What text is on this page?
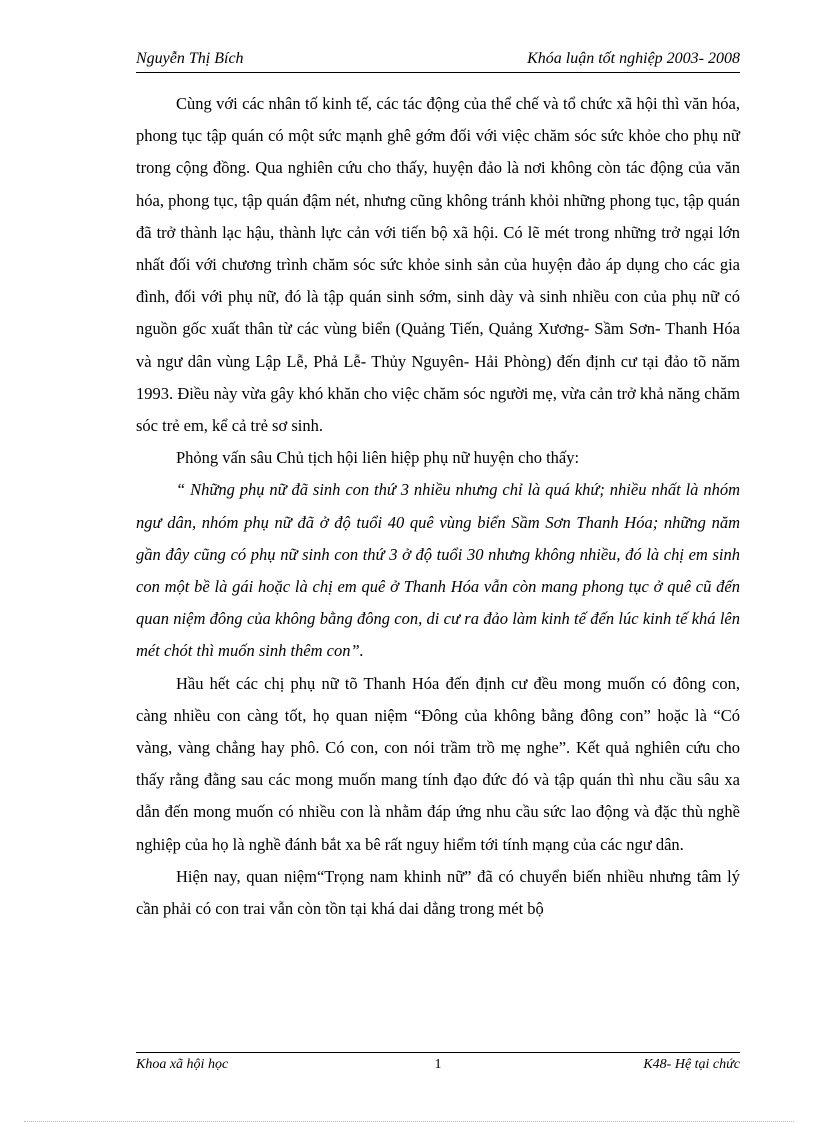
Nguyễn Thị Bích	Khóa luận tốt nghiệp 2003- 2008

Cùng với các nhân tố kinh tế, các tác động của thể chế và tổ chức xã hội thì văn hóa, phong tục tập quán có một sức mạnh ghê gớm đối với việc chăm sóc sức khỏe cho phụ nữ trong cộng đồng. Qua nghiên cứu cho thấy, huyện đảo là nơi không còn tác động của văn hóa, phong tục, tập quán đậm nét, nhưng cũng không tránh khỏi những phong tục, tập quán đã trở thành lạc hậu, thành lực cản với tiến bộ xã hội. Có lẽ mét trong những trở ngại lớn nhất đối với chương trình chăm sóc sức khỏe sinh sản của huyện đảo áp dụng cho các gia đình, đối với phụ nữ, đó là tập quán sinh sớm, sinh dày và sinh nhiều con của phụ nữ có nguồn gốc xuất thân từ các vùng biển (Quảng Tiến, Quảng Xương- Sầm Sơn- Thanh Hóa và ngư dân vùng Lập Lễ, Phả Lễ- Thủy Nguyên- Hải Phòng) đến định cư tại đảo tõ năm 1993. Điều này vừa gây khó khăn cho việc chăm sóc người mẹ, vừa cản trở khả năng chăm sóc trẻ em, kể cả trẻ sơ sinh.

Phỏng vấn sâu Chủ tịch hội liên hiệp phụ nữ huyện cho thấy:

“ Những phụ nữ đã sinh con thứ 3 nhiều nhưng chỉ là quá khứ; nhiều nhất là nhóm ngư dân, nhóm phụ nữ đã ở độ tuổi 40 quê vùng biển Sầm Sơn Thanh Hóa; những năm gần đây cũng có phụ nữ sinh con thứ 3 ở độ tuổi 30 nhưng không nhiều, đó là chị em sinh con một bề là gái hoặc là chị em quê ở Thanh Hóa vẫn còn mang phong tục ở quê cũ đến quan niệm đông của không bằng đông con, di cư ra đảo làm kinh tế đến lúc kinh tế khá lên mét chót thì muốn sinh thêm con”.

Hầu hết các chị phụ nữ tõ Thanh Hóa đến định cư đều mong muốn có đông con, càng nhiều con càng tốt, họ quan niệm “Đông của không bằng đông con” hoặc là “Có vàng, vàng chẳng hay phô. Có con, con nói trầm trồ mẹ nghe”. Kết quả nghiên cứu cho thấy rằng đằng sau các mong muốn mang tính đạo đức đó và tập quán thì nhu cầu sâu xa dẫn đến mong muốn có nhiều con là nhằm đáp ứng nhu cầu sức lao động và đặc thù nghề nghiệp của họ là nghề đánh bắt xa bê rất nguy hiểm tới tính mạng của các ngư dân.

Hiện nay, quan niệm“Trọng nam khinh nữ” đã có chuyển biến nhiều nhưng tâm lý cần phải có con trai vẫn còn tồn tại khá dai dẳng trong mét bộ

Khoa xã hội học	1	K48- Hệ tại chức
